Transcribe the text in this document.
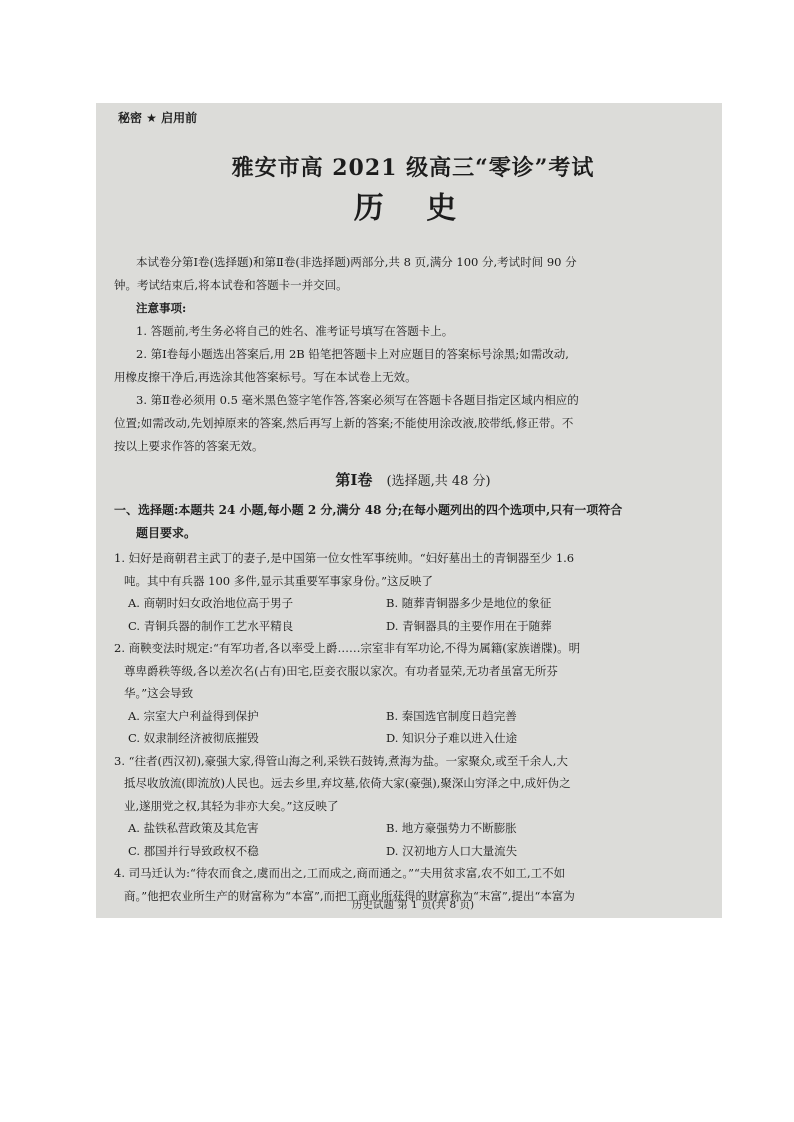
秘密 ★ 启用前
雅安市高 2021 级高三“零诊”考试
历 史

本试卷分第Ⅰ卷(选择题)和第Ⅱ卷(非选择题)两部分,共 8 页,满分 100 分,考试时间 90 分

钟。考试结束后,将本试卷和答题卡一并交回。

注意事项:

1. 答题前,考生务必将自己的姓名、准考证号填写在答题卡上。

2. 第Ⅰ卷每小题选出答案后,用 2B 铅笔把答题卡上对应题目的答案标号涂黑;如需改动,

用橡皮擦干净后,再选涂其他答案标号。写在本试卷上无效。

3. 第Ⅱ卷必须用 0.5 毫米黑色签字笔作答,答案必须写在答题卡各题目指定区域内相应的

位置;如需改动,先划掉原来的答案,然后再写上新的答案;不能使用涂改液,胶带纸,修正带。不

按以上要求作答的答案无效。

第Ⅰ卷 (选择题,共 48 分)

一、选择题:本题共 24 小题,每小题 2 分,满分 48 分;在每小题列出的四个选项中,只有一项符合

题目要求。

1. 妇好是商朝君主武丁的妻子,是中国第一位女性军事统帅。“妇好墓出土的青铜器至少 1.6

吨。其中有兵器 100 多件,显示其重要军事家身份。”这反映了

A. 商朝时妇女政治地位高于男子	B. 随葬青铜器多少是地位的象征
C. 青铜兵器的制作工艺水平精良	D. 青铜器具的主要作用在于随葬

2. 商鞅变法时规定:“有军功者,各以率受上爵……宗室非有军功论,不得为属籍(家族谱牒)。明

尊卑爵秩等级,各以差次名(占有)田宅,臣妾衣服以家次。有功者显荣,无功者虽富无所芬

华。”这会导致

A. 宗室大户利益得到保护	B. 秦国选官制度日趋完善
C. 奴隶制经济被彻底摧毁	D. 知识分子难以进入仕途

3. “往者(西汉初),豪强大家,得管山海之利,采铁石鼓铸,煮海为盐。一家聚众,或至千余人,大

抵尽收放流(即流放)人民也。远去乡里,弃坟墓,依倚大家(豪强),聚深山穷泽之中,成奸伪之

业,遂朋党之权,其轻为非亦大矣。”这反映了

A. 盐铁私营政策及其危害	B. 地方豪强势力不断膨胀
C. 郡国并行导致政权不稳	D. 汉初地方人口大量流失

4. 司马迁认为:“待农而食之,虞而出之,工而成之,商而通之。”“夫用贫求富,农不如工,工不如

商。”他把农业所生产的财富称为“本富”,而把工商业所获得的财富称为“末富”,提出“本富为

历史试题 第 1 页(共 8 页)
